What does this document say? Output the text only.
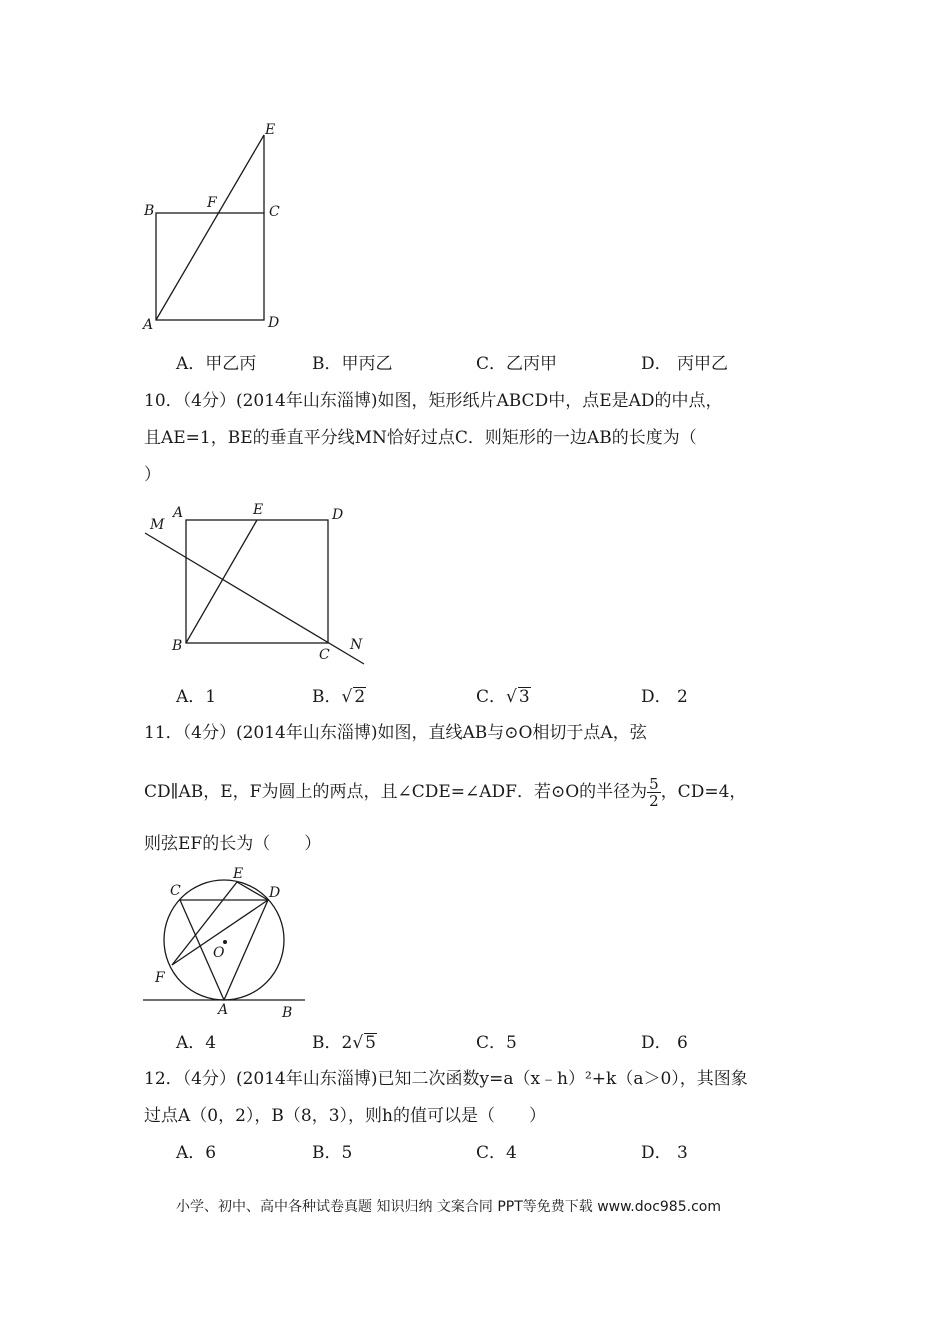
E
B	F
C
A	D
A．甲乙丙	B．甲丙乙	C．乙丙甲	D． 丙甲乙
10．（4分）(2014年山东淄博)如图，矩形纸片ABCD中，点E是AD的中点，
且AE=1，BE的垂直平分线MN恰好过点C．则矩形的一边AB的长度为（
）
M
A	E	D
B
C
N
A．1	B．√ 2	C．√ 3	D． 2
11．（4分）(2014年山东淄博)如图，直线AB与⊙O相切于点A，弦
CD∥AB，E，F为圆上的两点，且∠CDE=∠ADF．若⊙O的半径为 $\frac{5}{2}$ ，CD=4，
则弦EF的长为（　　）
C
E
D
O
F
A	B
A．4	B．2√ 5	C．5	D． 6
12．（4分）(2014年山东淄博)已知二次函数y=a（x﹣h）²+k（a＞0），其图象
过点A（0，2），B（8，3），则h的值可以是（　　）
A．6	B．5	C．4	D． 3
小学、初中、高中各种试卷真题 知识归纳 文案合同 PPT等免费下载 www.doc985.com
